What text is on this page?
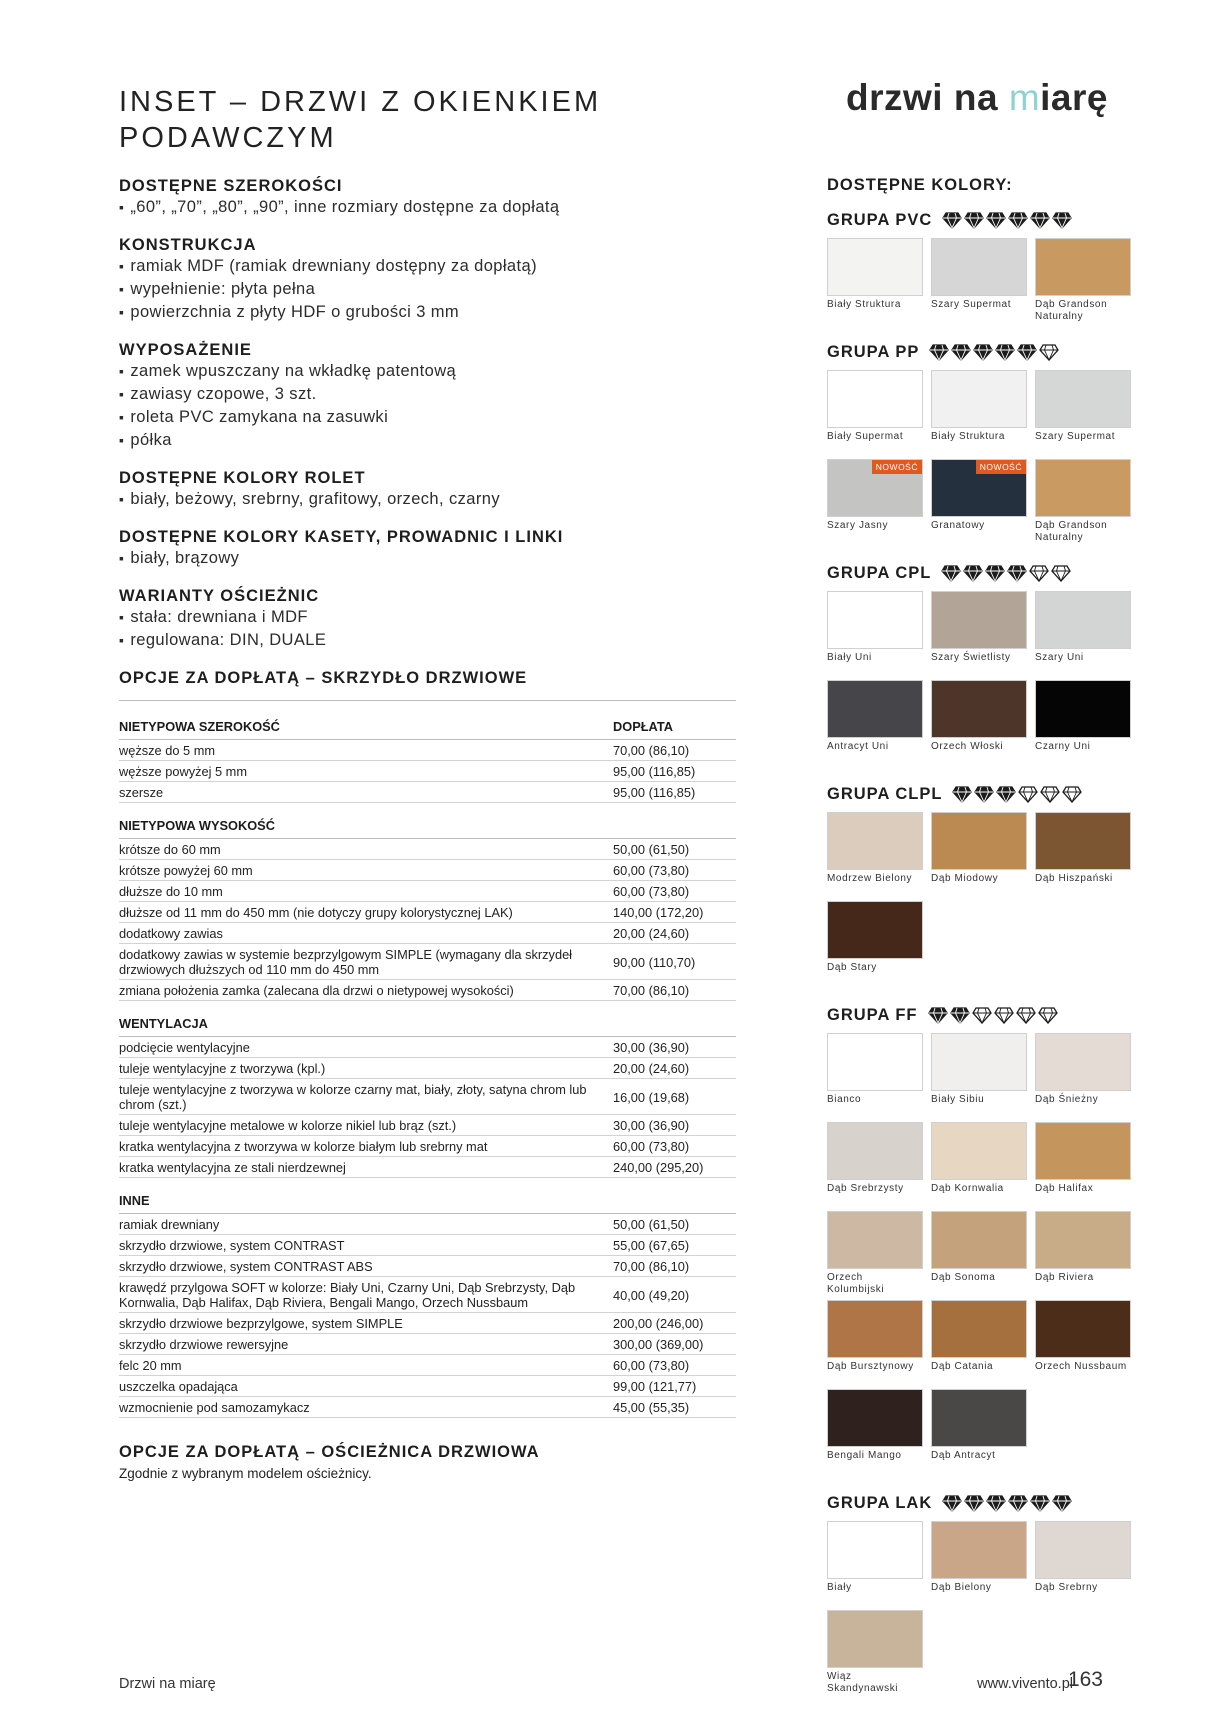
INSET – DRZWI Z OKIENKIEM
PODAWCZYM
drzwi na miarę
DOSTĘPNE SZEROKOŚCI
▪ „60”, „70”, „80”, „90”, inne rozmiary dostępne za dopłatą
KONSTRUKCJA
▪ ramiak MDF (ramiak drewniany dostępny za dopłatą)
▪ wypełnienie: płyta pełna
▪ powierzchnia z płyty HDF o grubości 3 mm
WYPOSAŻENIE
▪ zamek wpuszczany na wkładkę patentową
▪ zawiasy czopowe, 3 szt.
▪ roleta PVC zamykana na zasuwki
▪ półka
DOSTĘPNE KOLORY ROLET
▪ biały, beżowy, srebrny, grafitowy, orzech, czarny
DOSTĘPNE KOLORY KASETY, PROWADNIC I LINKI
▪ biały, brązowy
WARIANTY OŚCIEŻNIC
▪ stała: drewniana i MDF
▪ regulowana: DIN, DUALE
OPCJE ZA DOPŁATĄ – SKRZYDŁO DRZWIOWE
NIETYPOWA SZEROKOŚĆ	DOPŁATA
węższe do 5 mm	70,00 (86,10)
węższe powyżej 5 mm	95,00 (116,85)
szersze	95,00 (116,85)
NIETYPOWA WYSOKOŚĆ
krótsze do 60 mm	50,00 (61,50)
krótsze powyżej 60 mm	60,00 (73,80)
dłuższe do 10 mm	60,00 (73,80)
dłuższe od 11 mm do 450 mm (nie dotyczy grupy kolorystycznej LAK)	140,00 (172,20)
dodatkowy zawias	20,00 (24,60)
dodatkowy zawias w systemie bezprzylgowym SIMPLE (wymagany dla skrzydeł drzwiowych dłuższych od 110 mm do 450 mm	90,00 (110,70)
zmiana położenia zamka (zalecana dla drzwi o nietypowej wysokości)	70,00 (86,10)
WENTYLACJA
podcięcie wentylacyjne	30,00 (36,90)
tuleje wentylacyjne z tworzywa (kpl.)	20,00 (24,60)
tuleje wentylacyjne z tworzywa w kolorze czarny mat, biały, złoty, satyna chrom lub chrom (szt.)	16,00 (19,68)
tuleje wentylacyjne metalowe w kolorze nikiel lub brąz (szt.)	30,00 (36,90)
kratka wentylacyjna z tworzywa w kolorze białym lub srebrny mat	60,00 (73,80)
kratka wentylacyjna ze stali nierdzewnej	240,00 (295,20)
INNE
ramiak drewniany	50,00 (61,50)
skrzydło drzwiowe, system CONTRAST	55,00 (67,65)
skrzydło drzwiowe, system CONTRAST ABS	70,00 (86,10)
krawędź przylgowa SOFT w kolorze: Biały Uni, Czarny Uni, Dąb Srebrzysty, Dąb Kornwalia, Dąb Halifax, Dąb Riviera, Bengali Mango, Orzech Nussbaum	40,00 (49,20)
skrzydło drzwiowe bezprzylgowe, system SIMPLE	200,00 (246,00)
skrzydło drzwiowe rewersyjne	300,00 (369,00)
felc 20 mm	60,00 (73,80)
uszczelka opadająca	99,00 (121,77)
wzmocnienie pod samozamykacz	45,00 (55,35)
OPCJE ZA DOPŁATĄ – OŚCIEŻNICA DRZWIOWA
Zgodnie z wybranym modelem ościeżnicy.
DOSTĘPNE KOLORY:
GRUPA PVC
Biały Struktura	Szary Supermat	Dąb Grandson Naturalny
GRUPA PP
Biały Supermat	Biały Struktura	Szary Supermat
NOWOŚĆ
Szary Jasny
NOWOŚĆ
Granatowy	Dąb Grandson Naturalny
GRUPA CPL
Biały Uni	Szary Świetlisty	Szary Uni
Antracyt Uni	Orzech Włoski	Czarny Uni
GRUPA CLPL
Modrzew Bielony	Dąb Miodowy	Dąb Hiszpański
Dąb Stary
GRUPA FF
Bianco	Biały Sibiu	Dąb Śnieżny
Dąb Srebrzysty	Dąb Kornwalia	Dąb Halifax
Orzech Kolumbijski
Dąb Sonoma	Dąb Riviera
Dąb Bursztynowy	Dąb Catania	Orzech Nussbaum
Bengali Mango	Dąb Antracyt
GRUPA LAK
Biały	Dąb Bielony	Dąb Srebrny
Wiąz Skandynawski
Drzwi na miarę	www.vivento.pl
163
